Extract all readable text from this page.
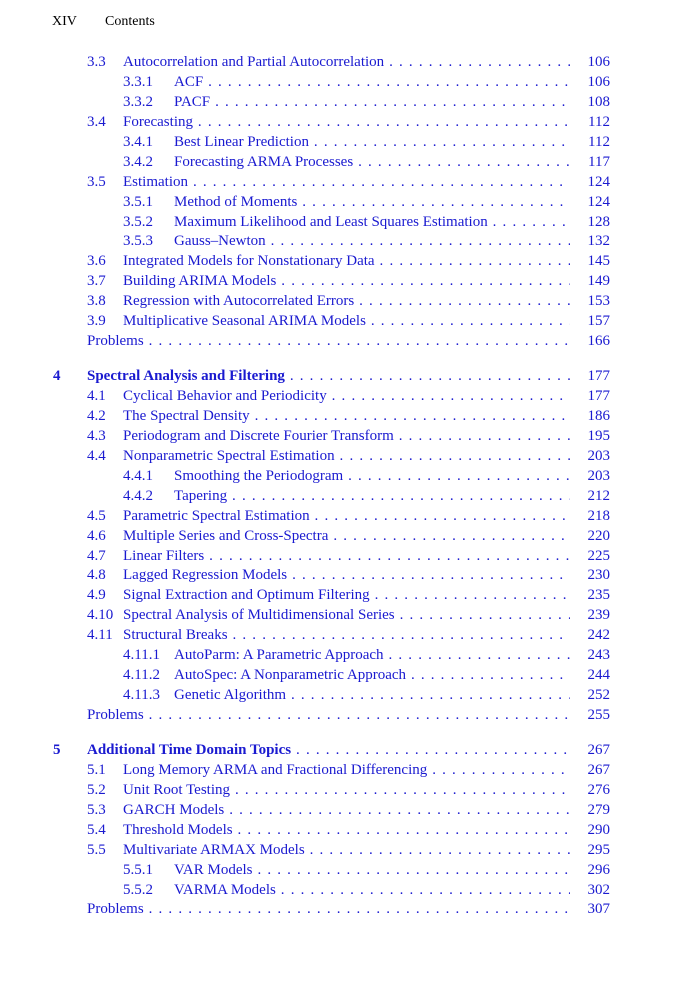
XIV Contents
3.3 Autocorrelation and Partial Autocorrelation . . .	106
3.3.1 ACF . . .	106
3.3.2 PACF . . .	108
3.4 Forecasting . . .	112
3.4.1 Best Linear Prediction . . .	112
3.4.2 Forecasting ARMA Processes . . .	117
3.5 Estimation . . .	124
3.5.1 Method of Moments . . .	124
3.5.2 Maximum Likelihood and Least Squares Estimation . . .	128
3.5.3 Gauss–Newton . . .	132
3.6 Integrated Models for Nonstationary Data . . .	145
3.7 Building ARIMA Models . . .	149
3.8 Regression with Autocorrelated Errors . . .	153
3.9 Multiplicative Seasonal ARIMA Models . . .	157
Problems . . .	166
4 Spectral Analysis and Filtering . . .	177
4.1 Cyclical Behavior and Periodicity . . .	177
4.2 The Spectral Density . . .	186
4.3 Periodogram and Discrete Fourier Transform . . .	195
4.4 Nonparametric Spectral Estimation . . .	203
4.4.1 Smoothing the Periodogram . . .	203
4.4.2 Tapering . . .	212
4.5 Parametric Spectral Estimation . . .	218
4.6 Multiple Series and Cross-Spectra . . .	220
4.7 Linear Filters . . .	225
4.8 Lagged Regression Models . . .	230
4.9 Signal Extraction and Optimum Filtering . . .	235
4.10 Spectral Analysis of Multidimensional Series . . .	239
4.11 Structural Breaks . . .	242
4.11.1 AutoParm: A Parametric Approach . . .	243
4.11.2 AutoSpec: A Nonparametric Approach . . .	244
4.11.3 Genetic Algorithm . . .	252
Problems . . .	255
5 Additional Time Domain Topics . . .	267
5.1 Long Memory ARMA and Fractional Differencing . . .	267
5.2 Unit Root Testing . . .	276
5.3 GARCH Models . . .	279
5.4 Threshold Models . . .	290
5.5 Multivariate ARMAX Models . . .	295
5.5.1 VAR Models . . .	296
5.5.2 VARMA Models . . .	302
Problems . . .	307
